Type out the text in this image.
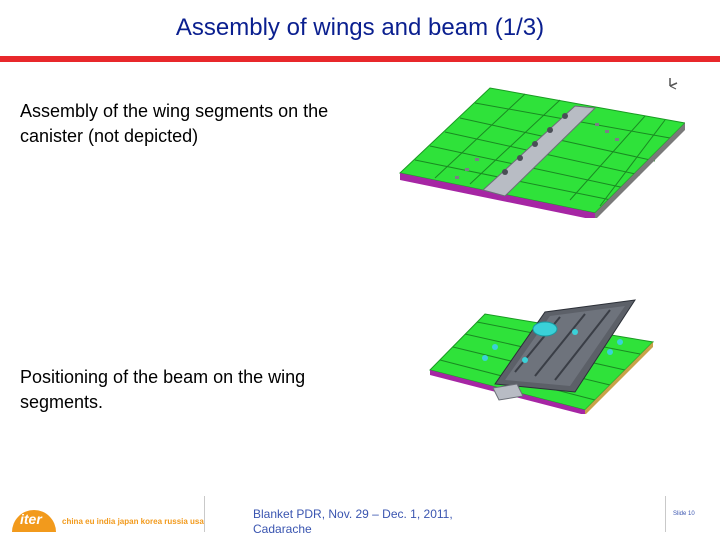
Assembly of wings and beam (1/3)
Assembly of the wing segments on the canister (not depicted)
Positioning of the beam on the wing segments.
iter	china eu india japan korea russia usa
Blanket PDR, Nov. 29 – Dec. 1, 2011,
Cadarache
Slide 10
